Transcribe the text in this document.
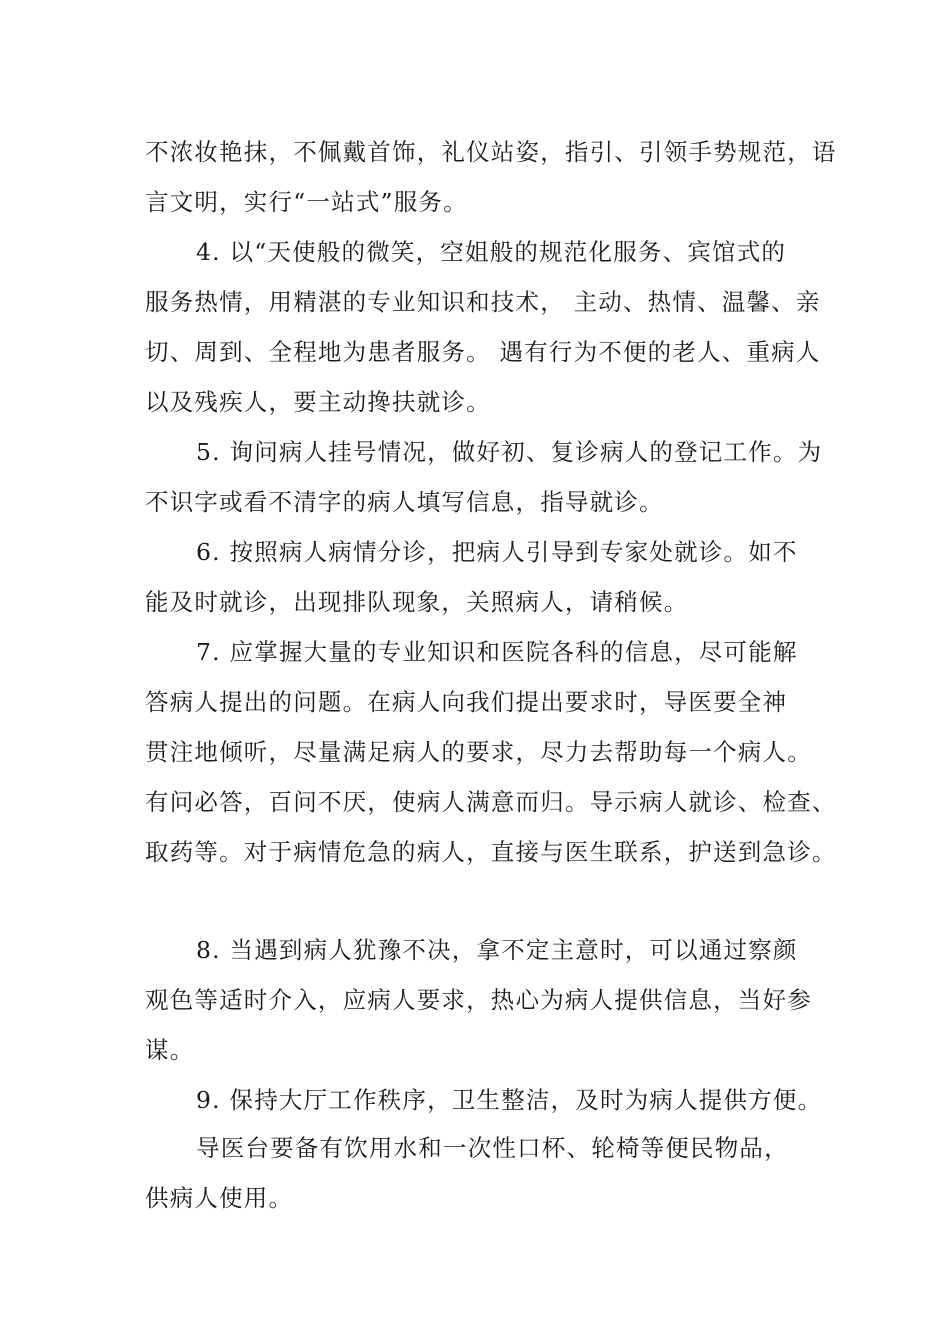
不浓妆艳抹，不佩戴首饰，礼仪站姿，指引、引领手势规范，语
言文明，实行“一站式”服务。
4. 以“天使般的微笑，空姐般的规范化服务、宾馆式的
服务热情，用精湛的专业知识和技术， 主动、热情、温馨、亲
切、周到、全程地为患者服务。 遇有行为不便的老人、重病人
以及残疾人，要主动搀扶就诊。
5. 询问病人挂号情况，做好初、复诊病人的登记工作。为
不识字或看不清字的病人填写信息，指导就诊。
6. 按照病人病情分诊，把病人引导到专家处就诊。如不
能及时就诊，出现排队现象，关照病人，请稍候。
7. 应掌握大量的专业知识和医院各科的信息，尽可能解
答病人提出的问题。在病人向我们提出要求时，导医要全神
贯注地倾听，尽量满足病人的要求，尽力去帮助每一个病人。
有问必答，百问不厌，使病人满意而归。导示病人就诊、检查、
取药等。对于病情危急的病人，直接与医生联系，护送到急诊。
8. 当遇到病人犹豫不决，拿不定主意时，可以通过察颜
观色等适时介入，应病人要求，热心为病人提供信息，当好参
谋。
9. 保持大厅工作秩序，卫生整洁，及时为病人提供方便。
导医台要备有饮用水和一次性口杯、轮椅等便民物品，
供病人使用。
